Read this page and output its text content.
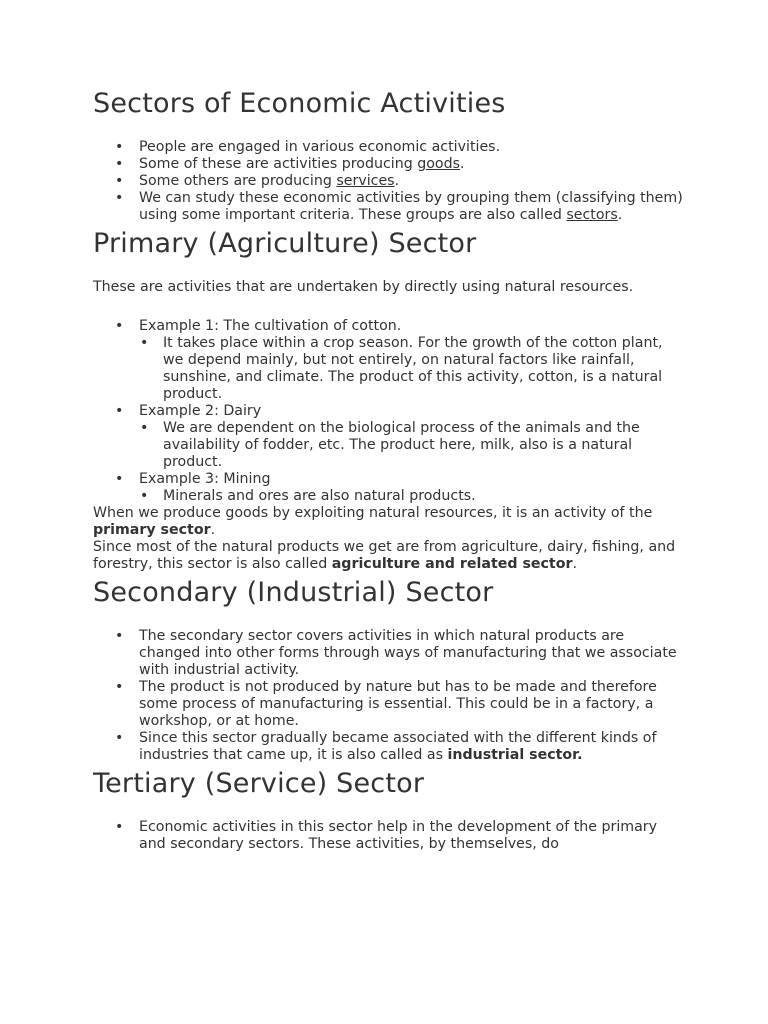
Sectors of Economic Activities
• People are engaged in various economic activities.
• Some of these are activities producing goods.
• Some others are producing services.
• We can study these economic activities by grouping them (classifying them) using some important criteria. These groups are also called sectors.
Primary (Agriculture) Sector

These are activities that are undertaken by directly using natural resources.

• Example 1: The cultivation of cotton.
• It takes place within a crop season. For the growth of the cotton plant, we depend mainly, but not entirely, on natural factors like rainfall, sunshine, and climate. The product of this activity, cotton, is a natural product.
• Example 2: Dairy
• We are dependent on the biological process of the animals and the availability of fodder, etc. The product here, milk, also is a natural product.
• Example 3: Mining
• Minerals and ores are also natural products.

When we produce goods by exploiting natural resources, it is an activity of the primary sector.

Since most of the natural products we get are from agriculture, dairy, fishing, and forestry, this sector is also called agriculture and related sector.

Secondary (Industrial) Sector
• The secondary sector covers activities in which natural products are changed into other forms through ways of manufacturing that we associate with industrial activity.
• The product is not produced by nature but has to be made and therefore some process of manufacturing is essential. This could be in a factory, a workshop, or at home.
• Since this sector gradually became associated with the different kinds of industries that came up, it is also called as industrial sector.
Tertiary (Service) Sector
• Economic activities in this sector help in the development of the primary and secondary sectors. These activities, by themselves, do
